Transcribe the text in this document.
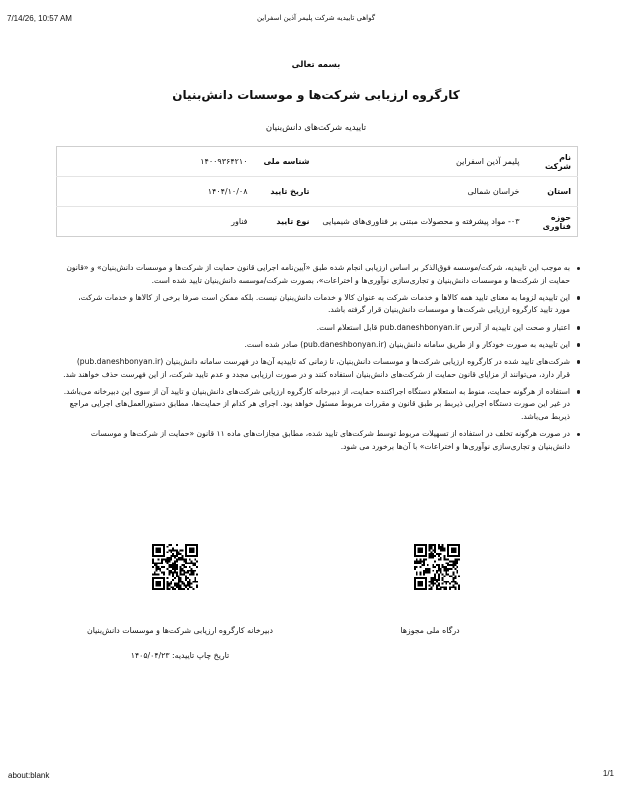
7/14/26, 10:57 AM	گواهی تاییدیه شرکت پلیمر آذین اسفراین
بسمه تعالی
کارگروه ارزیابی شرکت‌ها و موسسات دانش‌بنیان
تاییدیه شرکت‌های دانش‌بنیان
نام شرکت	پلیمر آذین اسفراین	شناسه ملی	۱۴۰۰۹۳۶۴۲۱۰
استان	خراسان شمالی	تاریخ تایید	۱۴۰۴/۱۰/۰۸
حوزه فناوری	۰۳- مواد پیشرفته و محصولات مبتنی بر فناوری‌های شیمیایی	نوع تایید	فناور
به موجب این تاییدیه، شرکت/موسسه فوق‌الذکر بر اساس ارزیابی انجام شده طبق «آیین‌نامه اجرایی قانون حمایت از شرکت‌ها و موسسات دانش‌بنیان» و «قانون حمایت از شرکت‌ها و موسسات دانش‌بنیان و تجاری‌سازی نوآوری‌ها و اختراعات»، بصورت شرکت/موسسه دانش‌بنیان تایید شده است.
این تاییدیه لزوما به معنای تایید همه کالاها و خدمات شرکت به عنوان کالا و خدمات دانش‌بنیان نیست. بلکه ممکن است صرفا برخی از کالاها و خدمات شرکت، مورد تایید کارگروه ارزیابی شرکت‌ها و موسسات دانش‌بنیان قرار گرفته باشد.
اعتبار و صحت این تاییدیه از آدرس pub.daneshbonyan.ir قابل استعلام است.
این تاییدیه به صورت خودکار و از طریق سامانه دانش‌بنیان (pub.daneshbonyan.ir) صادر شده است.
شرکت‌های تایید شده در کارگروه ارزیابی شرکت‌ها و موسسات دانش‌بنیان، تا زمانی که تاییدیه آن‌ها در فهرست سامانه دانش‌بنیان (pub.daneshbonyan.ir) قرار دارد، می‌توانند از مزایای قانون حمایت از شرکت‌های دانش‌بنیان استفاده کنند و در صورت ارزیابی مجدد و عدم تایید شرکت، از این فهرست حذف خواهند شد.
استفاده از هرگونه حمایت، منوط به استعلام دستگاه اجراکننده حمایت، از دبیرخانه کارگروه ارزیابی شرکت‌های دانش‌بنیان و تایید آن از سوی این دبیرخانه می‌باشد. در غیر این صورت دستگاه اجرایی ذیربط بر طبق قانون و مقررات مربوط مسئول خواهد بود. اجرای هر کدام از حمایت‌ها، مطابق دستورالعمل‌های اجرایی مراجع ذیربط می‌باشد.
در صورت هرگونه تخلف در استفاده از تسهیلات مربوط توسط شرکت‌های تایید شده، مطابق مجازات‌های ماده ۱۱ قانون «حمایت از شرکت‌ها و موسسات دانش‌بنیان و تجاری‌سازی نوآوری‌ها و اختراعات» با آن‌ها برخورد می شود.
دبیرخانه کارگروه ارزیابی شرکت‌ها و موسسات دانش‌بنیان
تاریخ چاپ تاییدیه: ۱۴۰۵/۰۴/۲۳
درگاه ملی مجوزها
about:blank	1/1
